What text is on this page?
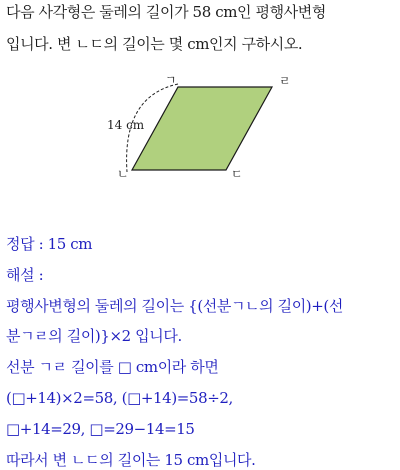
다음 사각형은 둘레의 길이가 58 cm인 평행사변형
입니다. 변 ㄴㄷ의 길이는 몇 cm인지 구하시오.
ㄱ	ㄹ
ㄴ	ㄷ
14 cm
정답 : 15 cm
해설 :
평행사변형의 둘레의 길이는 {(선분ㄱㄴ의 길이)+(선
분ㄱㄹ의 길이)}×2 입니다.
선분 ㄱㄹ 길이를 □ cm이라 하면
(□+14)×2=58, (□+14)=58÷2,
□+14=29, □=29−14=15
따라서 변 ㄴㄷ의 길이는 15 cm입니다.
